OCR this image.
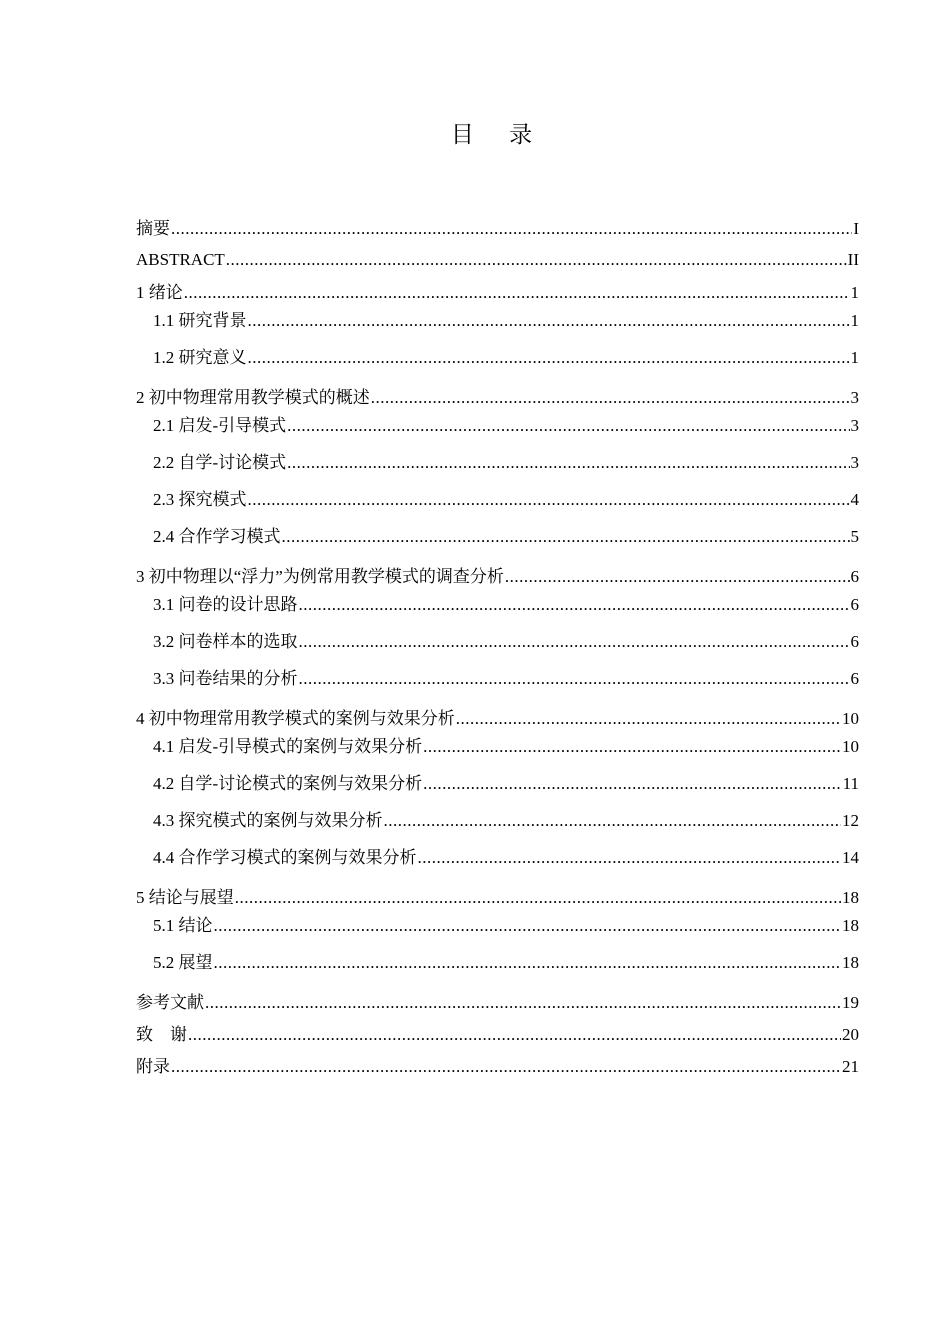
目 录
摘要 .....	I
ABSTRACT .....	II
1 绪论 .....	1
1.1 研究背景 .....	1
1.2 研究意义 .....	1
2 初中物理常用教学模式的概述 .....	3
2.1 启发-引导模式 .....	3
2.2 自学-讨论模式 .....	3
2.3 探究模式 .....	4
2.4 合作学习模式 .....	5
3 初中物理以“浮力”为例常用教学模式的调查分析 .....	6
3.1 问卷的设计思路 .....	6
3.2 问卷样本的选取 .....	6
3.3 问卷结果的分析 .....	6
4 初中物理常用教学模式的案例与效果分析 .....	10
4.1 启发-引导模式的案例与效果分析 .....	10
4.2 自学-讨论模式的案例与效果分析 .....	11
4.3 探究模式的案例与效果分析 .....	12
4.4 合作学习模式的案例与效果分析 .....	14
5 结论与展望 .....	18
5.1 结论 .....	18
5.2 展望 .....	18
参考文献 .....	19
致    谢 .....	20
附录 .....	21
